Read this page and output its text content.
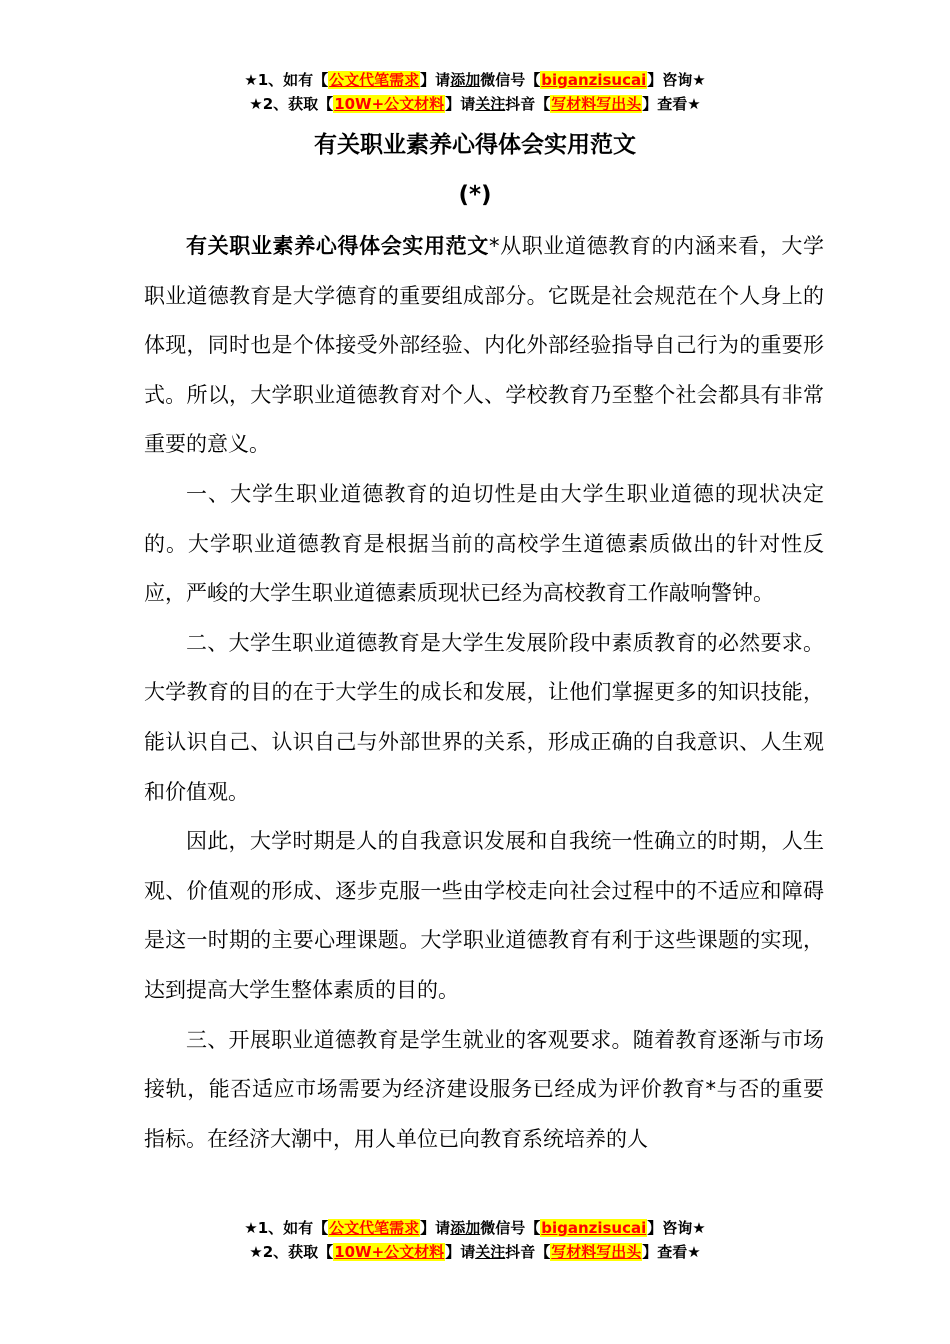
★1、如有【公文代笔需求】请添加微信号【biganzisucai】咨询★
★2、获取【10W+公文材料】请关注抖音【写材料写出头】查看★
有关职业素养心得体会实用范文
(*)

有关职业素养心得体会实用范文*从职业道德教育的内涵来看，大学职业道德教育是大学德育的重要组成部分。它既是社会规范在个人身上的体现，同时也是个体接受外部经验、内化外部经验指导自己行为的重要形式。所以，大学职业道德教育对个人、学校教育乃至整个社会都具有非常重要的意义。

一、大学生职业道德教育的迫切性是由大学生职业道德的现状决定的。大学职业道德教育是根据当前的高校学生道德素质做出的针对性反应，严峻的大学生职业道德素质现状已经为高校教育工作敲响警钟。

二、大学生职业道德教育是大学生发展阶段中素质教育的必然要求。大学教育的目的在于大学生的成长和发展，让他们掌握更多的知识技能，能认识自己、认识自己与外部世界的关系，形成正确的自我意识、人生观和价值观。

因此，大学时期是人的自我意识发展和自我统一性确立的时期，人生观、价值观的形成、逐步克服一些由学校走向社会过程中的不适应和障碍是这一时期的主要心理课题。大学职业道德教育有利于这些课题的实现，达到提高大学生整体素质的目的。

三、开展职业道德教育是学生就业的客观要求。随着教育逐渐与市场接轨，能否适应市场需要为经济建设服务已经成为评价教育*与否的重要指标。在经济大潮中，用人单位已向教育系统培养的人

★1、如有【公文代笔需求】请添加微信号【biganzisucai】咨询★
★2、获取【10W+公文材料】请关注抖音【写材料写出头】查看★
